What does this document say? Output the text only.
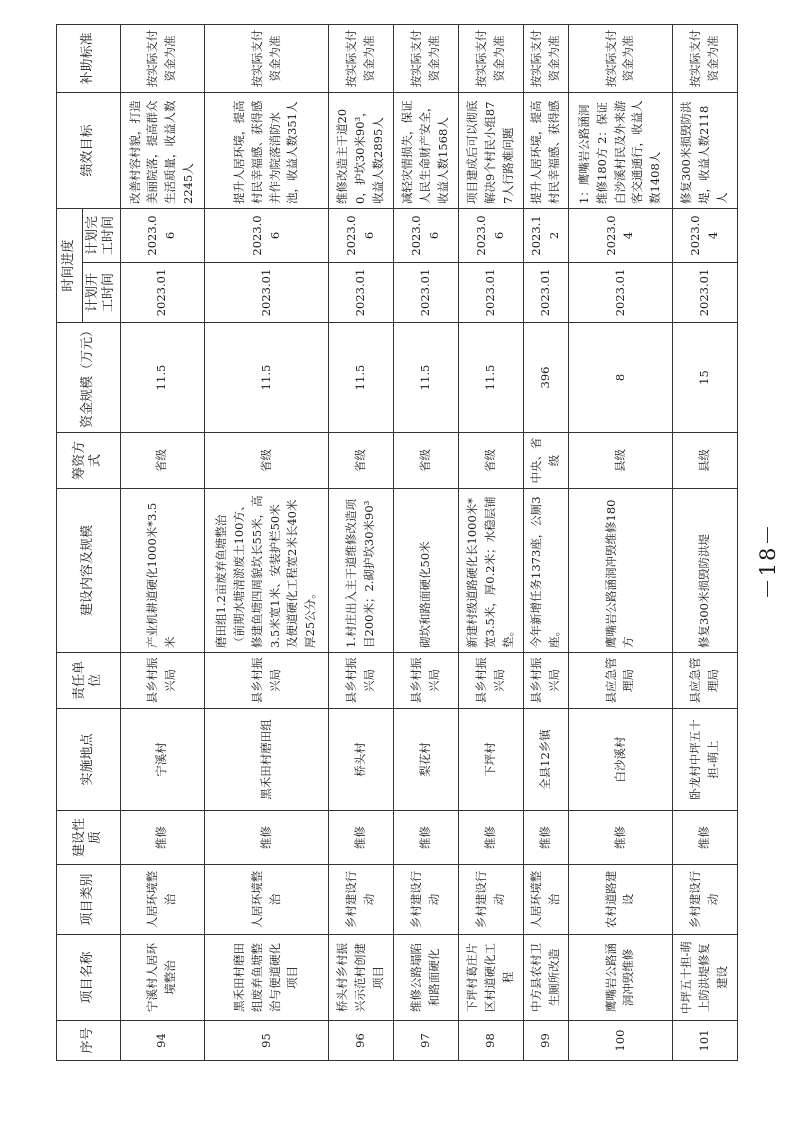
序号	项目名称	项目类别	建设性质	实施地点	责任单位	建设内容及规模	筹资方式	资金规模（万元）	时间进度		绩效目标	补助标准
									计划开工时间	计划完工时间		
94	宁溪村人居环境整治	人居环境整治	维修	宁溪村	县乡村振兴局	产业机耕道硬化1000米*3.5米	省级	11.5	2023.01	2023.06	改善村容村貌，打造美丽院落，提高群众生活质量，收益人数2245人	按实际支付资金为准
95	黑禾田村磨田组废弃鱼塘整治与便道硬化项目	人居环境整治	维修	黑禾田村磨田组	县乡村振兴局	磨田组1.2亩废弃鱼塘整治（前期水塘清淤废土100方、修建鱼塘四周貌坎长55米，高3.5米宽1米、安装护栏50米及便道硬化工程宽2米长40米厚25公分。	省级	11.5	2023.01	2023.06	提升人居环境，提高村民幸福感、获得感并作为院落消防水池，收益人数351人	按实际支付资金为准
96	桥头村乡村振兴示范村创建项目	乡村建设行动	维修	桥头村	县乡村振兴局	1.村庄出入主干道维修改造项目200米；2.砌护坎30米90³	省级	11.5	2023.01	2023.06	维修改造主干道200，护坎30米90³，收益人数2895人	按实际支付资金为准
97	维修公路塌陷和路面硬化	乡村建设行动	维修	梨花村	县乡村振兴局	砌坎和路面硬化50米	省级	11.5	2023.01	2023.06	减轻灾情损失，保证人民生命财产安全，收益人数1568人	按实际支付资金为准
98	下坪村葛庄片区村道硬化工程	乡村建设行动	维修	下坪村	县乡村振兴局	新建村级道路硬化长1000米*宽3.5米，厚0.2米；水稳层铺垫。	省级	11.5	2023.01	2023.06	项目建成后可以彻底解决9个村民小组877人行路难问题	按实际支付资金为准
99	中方县农村卫生厕所改造	人居环境整治	维修	全县12乡镇	县乡村振兴局	今年新增任务1373座，公厕3座。	中央、省级	396	2023.01	2023.12	提升人居环境，提高村民幸福感、获得感	按实际支付资金为准
100	鹰嘴岩公路涵洞冲毁维修	农村道路建设	维修	白沙溪村	县应急管理局	鹰嘴岩公路涵洞冲毁维修180方	县级	8	2023.01	2023.04	1：鹰嘴岩公路涵洞维修180方 2：保证白沙溪村民及外来游客交通通行，收益人数1408人	按实际支付资金为准
101	中坪五十担-萌上防洪堤修复建设	乡村建设行动	维修	卧龙村中坪五十担-萌上	县应急管理局	修复300米损毁防洪堤	县级	15	2023.01	2023.04	修复300米损毁防洪堤，收益人数2118人	按实际支付资金为准
－18－
